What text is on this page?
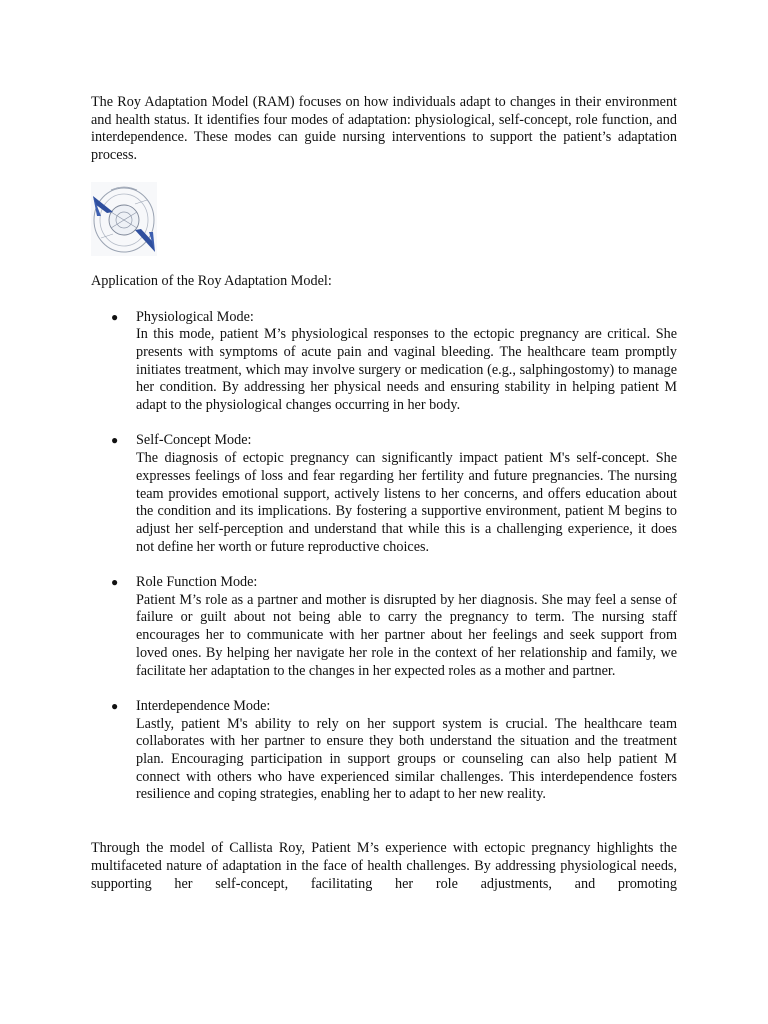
The Roy Adaptation Model (RAM) focuses on how individuals adapt to changes in their environment and health status. It identifies four modes of adaptation: physiological, self-concept, role function, and interdependence. These modes can guide nursing interventions to support the patient’s adaptation process.

Application of the Roy Adaptation Model:

● Physiological Mode:

In this mode, patient M’s physiological responses to the ectopic pregnancy are critical. She presents with symptoms of acute pain and vaginal bleeding. The healthcare team promptly initiates treatment, which may involve surgery or medication (e.g., salphingostomy) to manage her condition. By addressing her physical needs and ensuring stability in helping patient M adapt to the physiological changes occurring in her body.

● Self-Concept Mode:

The diagnosis of ectopic pregnancy can significantly impact patient M's self-concept. She expresses feelings of loss and fear regarding her fertility and future pregnancies. The nursing team provides emotional support, actively listens to her concerns, and offers education about the condition and its implications. By fostering a supportive environment, patient M begins to adjust her self-perception and understand that while this is a challenging experience, it does not define her worth or future reproductive choices.

● Role Function Mode:

Patient M’s role as a partner and mother is disrupted by her diagnosis. She may feel a sense of failure or guilt about not being able to carry the pregnancy to term. The nursing staff encourages her to communicate with her partner about her feelings and seek support from loved ones. By helping her navigate her role in the context of her relationship and family, we facilitate her adaptation to the changes in her expected roles as a mother and partner.

● Interdependence Mode:

Lastly, patient M's ability to rely on her support system is crucial. The healthcare team collaborates with her partner to ensure they both understand the situation and the treatment plan. Encouraging participation in support groups or counseling can also help patient M connect with others who have experienced similar challenges. This interdependence fosters resilience and coping strategies, enabling her to adapt to her new reality.

Through the model of Callista Roy, Patient M’s experience with ectopic pregnancy highlights the multifaceted nature of adaptation in the face of health challenges. By addressing physiological needs, supporting her self-concept, facilitating her role adjustments, and promoting
